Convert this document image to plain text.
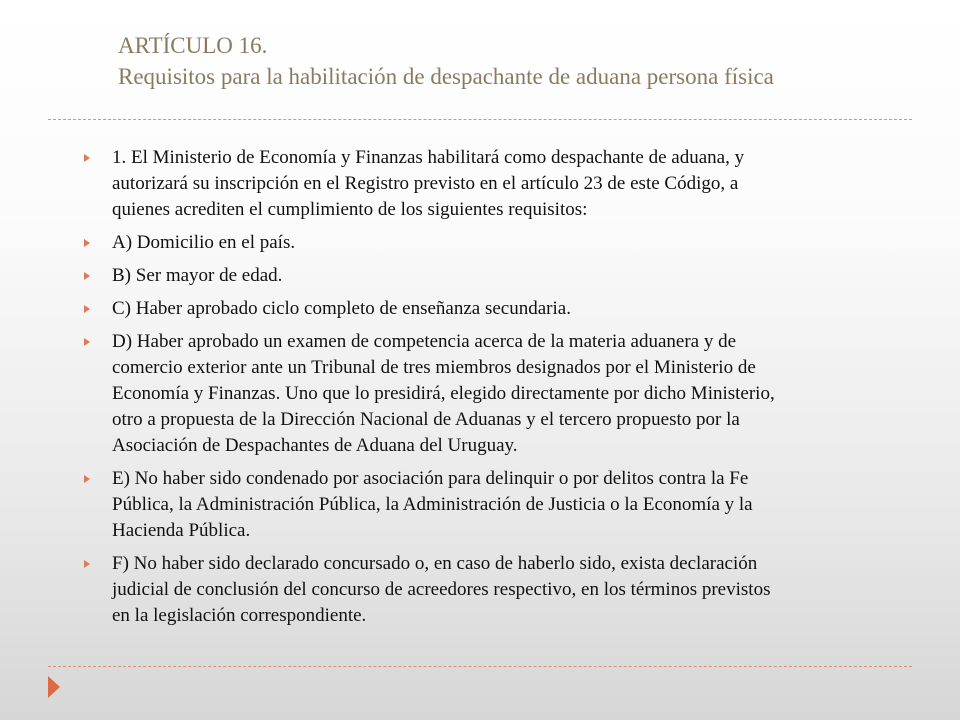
ARTÍCULO 16.
Requisitos para la habilitación de despachante de aduana persona física
1. El Ministerio de Economía y Finanzas habilitará como despachante de aduana, y
autorizará su inscripción en el Registro previsto en el artículo 23 de este Código, a
quienes acrediten el cumplimiento de los siguientes requisitos:
A) Domicilio en el país.
B) Ser mayor de edad.
C) Haber aprobado ciclo completo de enseñanza secundaria.
D) Haber aprobado un examen de competencia acerca de la materia aduanera y de
comercio exterior ante un Tribunal de tres miembros designados por el Ministerio de
Economía y Finanzas. Uno que lo presidirá, elegido directamente por dicho Ministerio,
otro a propuesta de la Dirección Nacional de Aduanas y el tercero propuesto por la
Asociación de Despachantes de Aduana del Uruguay.
E) No haber sido condenado por asociación para delinquir o por delitos contra la Fe
Pública, la Administración Pública, la Administración de Justicia o la Economía y la
Hacienda Pública.
F) No haber sido declarado concursado o, en caso de haberlo sido, exista declaración
judicial de conclusión del concurso de acreedores respectivo, en los términos previstos
en la legislación correspondiente.
